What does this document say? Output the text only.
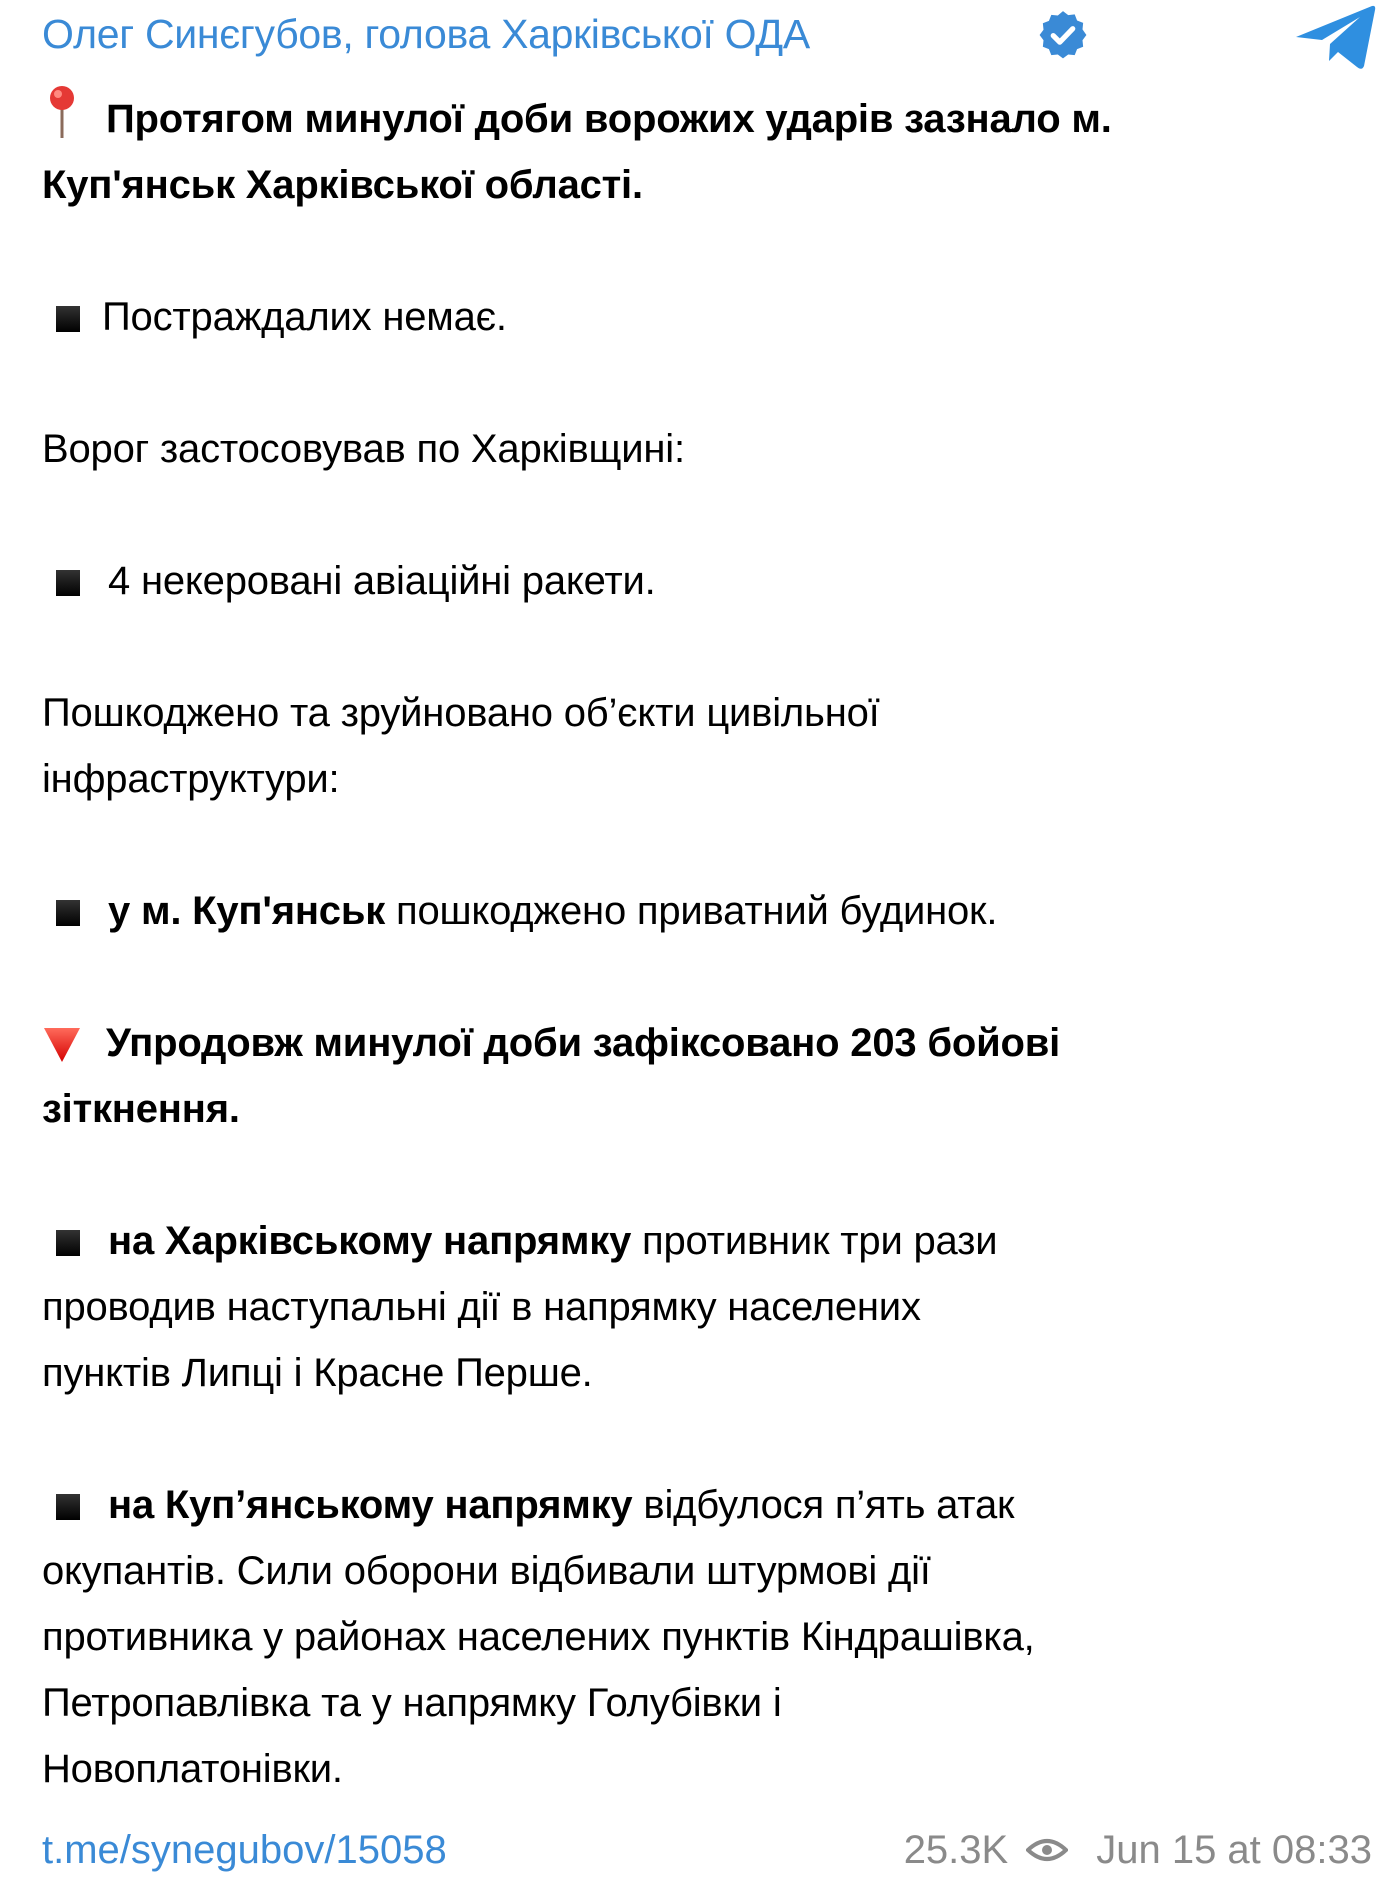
Олег Синєгубов, голова Харківської ОДА

Протягом минулої доби ворожих ударів зазнало м.

Куп'янськ Харківської області.

Постраждалих немає.

Ворог застосовував по Харківщині:

4 некеровані авіаційні ракети.

Пошкоджено та зруйновано об’єкти цивільної

інфраструктури:

у м. Куп'янськ пошкоджено приватний будинок.

Упродовж минулої доби зафіксовано 203 бойові

зіткнення.

на Харківському напрямку противник три рази

проводив наступальні дії в напрямку населених

пунктів Липці і Красне Перше.

на Куп’янському напрямку відбулося п’ять атак

окупантів. Сили оборони відбивали штурмові дії

противника у районах населених пунктів Кіндрашівка,

Петропавлівка та у напрямку Голубівки і

Новоплатонівки.

t.me/synegubov/15058	25.3K Jun 15 at 08:33
